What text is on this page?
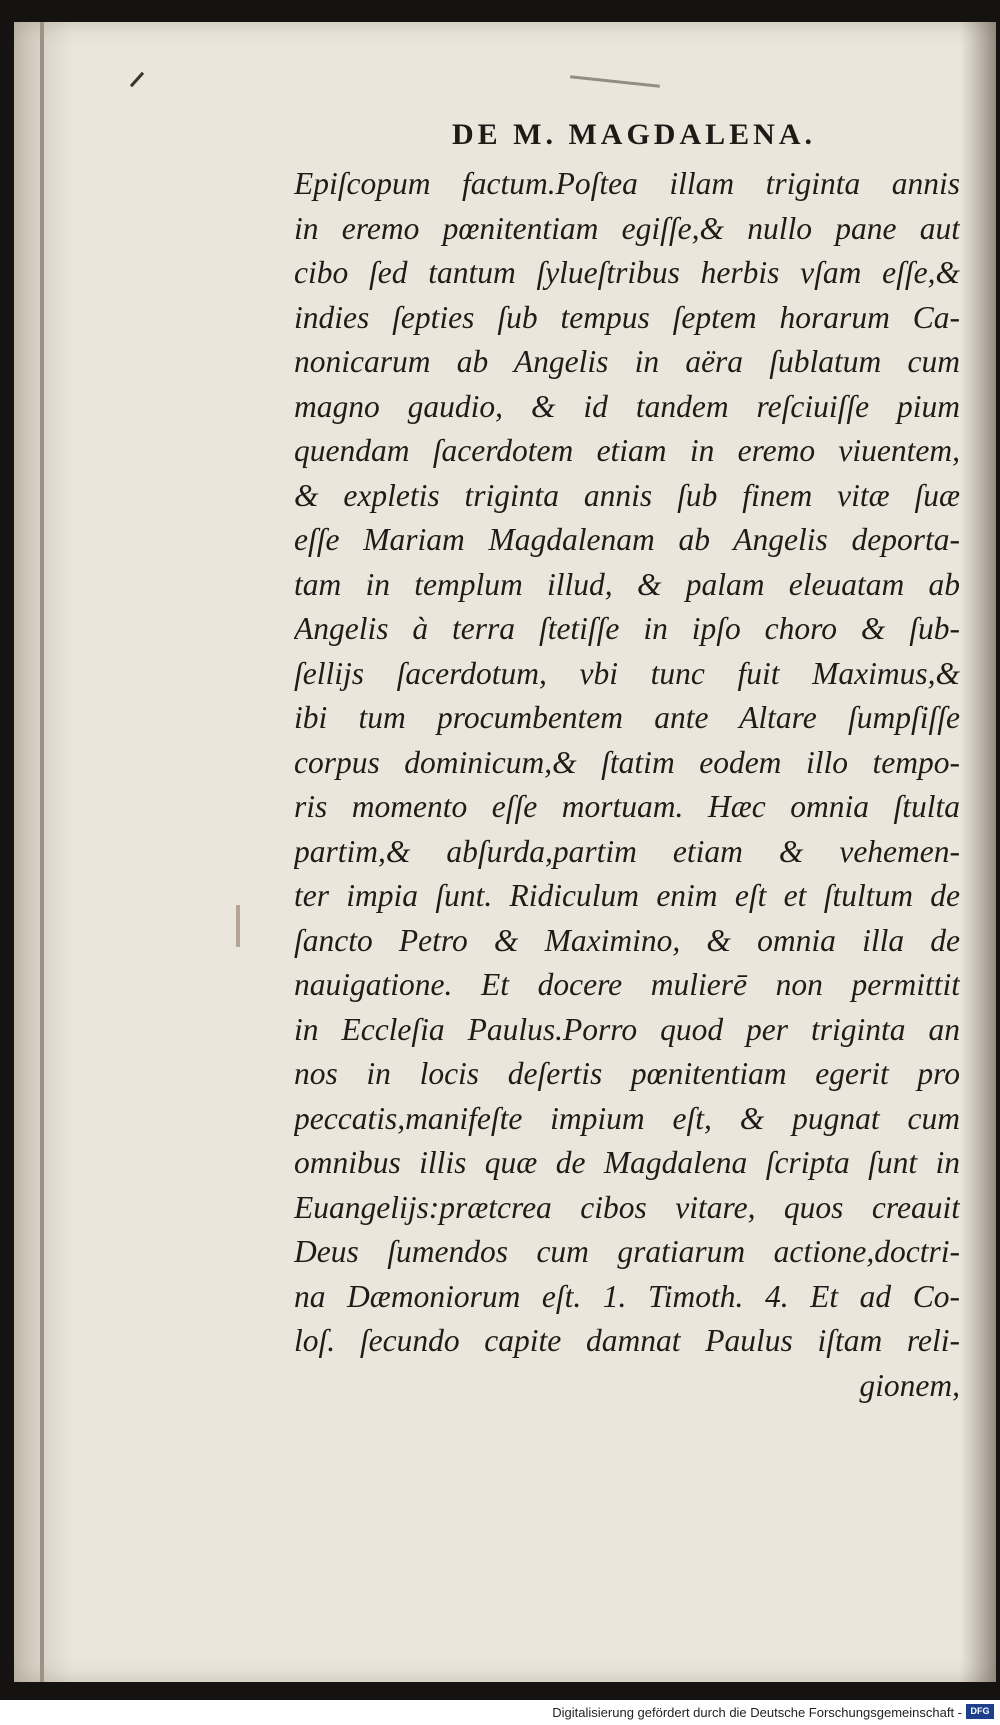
DE M. MAGDALENA.
Epiſcopum factum.Poſtea illam triginta annis
in eremo pœnitentiam egiſſe,& nullo pane aut
cibo ſed tantum ſylueſtribus herbis vſam eſſe,&
indies ſepties ſub tempus ſeptem horarum Ca-
nonicarum ab Angelis in aëra ſublatum cum
magno gaudio, & id tandem reſciuiſſe pium
quendam ſacerdotem etiam in eremo viuentem,
& expletis triginta annis ſub finem vitæ ſuæ
eſſe Mariam Magdalenam ab Angelis deporta-
tam in templum illud, & palam eleuatam ab
Angelis à terra ſtetiſſe in ipſo choro & ſub-
ſellijs ſacerdotum, vbi tunc fuit Maximus,&
ibi tum procumbentem ante Altare ſumpſiſſe
corpus dominicum,& ſtatim eodem illo tempo-
ris momento eſſe mortuam. Hæc omnia ſtulta
partim,& abſurda,partim etiam & vehemen-
ter impia ſunt. Ridiculum enim eſt et ſtultum de
ſancto Petro & Maximino, & omnia illa de
nauigatione. Et docere mulierē non permittit
in Eccleſia Paulus.Porro quod per triginta an
nos in locis deſertis pœnitentiam egerit pro
peccatis,manifeſte impium eſt, & pugnat cum
omnibus illis quæ de Magdalena ſcripta ſunt in
Euangelijs:prætcrea cibos vitare, quos creauit
Deus ſumendos cum gratiarum actione,doctri-
na Dæmoniorum eſt. 1. Timoth. 4. Et ad Co-
loſ. ſecundo capite damnat Paulus iſtam reli-
gionem,
Digitalisierung gefördert durch die Deutsche Forschungsgemeinschaft - DFG
